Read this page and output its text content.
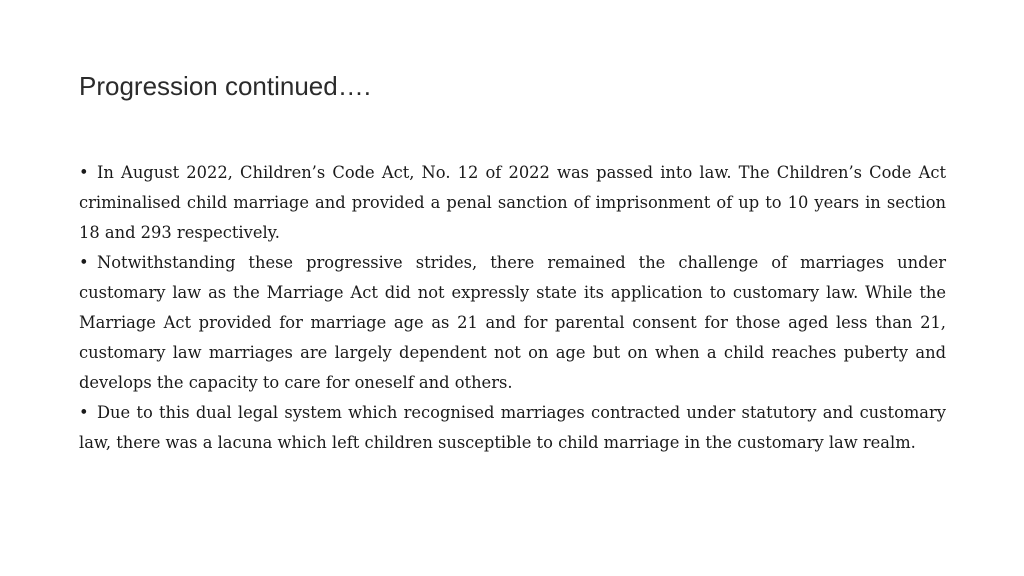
Progression continued….

• In August 2022, Children’s Code Act, No. 12 of 2022 was passed into law. The Children’s Code Act criminalised child marriage and provided a penal sanction of imprisonment of up to 10 years in section 18 and 293 respectively.

• Notwithstanding these progressive strides, there remained the challenge of marriages under customary law as the Marriage Act did not expressly state its application to customary law. While the Marriage Act provided for marriage age as 21 and for parental consent for those aged less than 21, customary law marriages are largely dependent not on age but on when a child reaches puberty and develops the capacity to care for oneself and others.

• Due to this dual legal system which recognised marriages contracted under statutory and customary law, there was a lacuna which left children susceptible to child marriage in the customary law realm.
